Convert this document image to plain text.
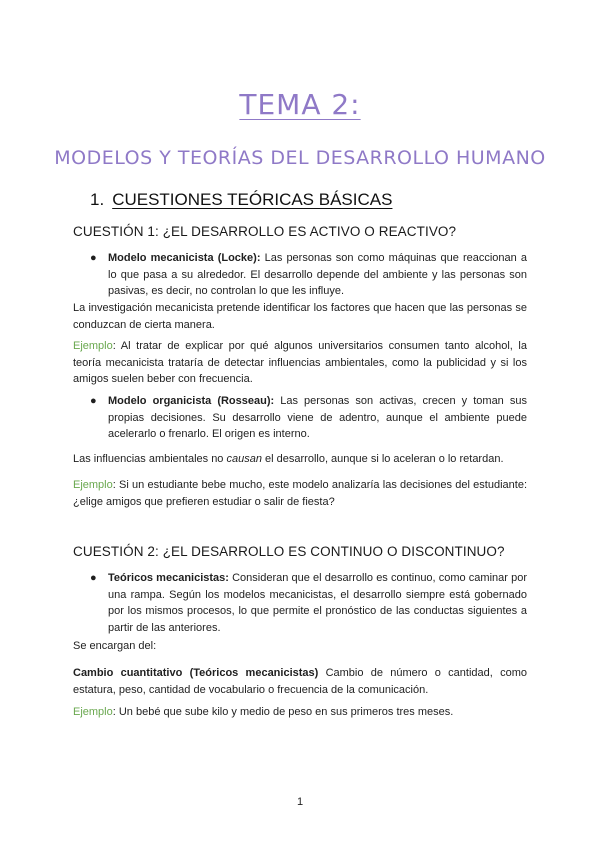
TEMA 2:
MODELOS Y TEORÍAS DEL DESARROLLO HUMANO
1. CUESTIONES TEÓRICAS BÁSICAS
CUESTIÓN 1: ¿EL DESARROLLO ES ACTIVO O REACTIVO?
● Modelo mecanicista (Locke): Las personas son como máquinas que reaccionan a lo que pasa a su alrededor. El desarrollo depende del ambiente y las personas son pasivas, es decir, no controlan lo que les influye.
La investigación mecanicista pretende identificar los factores que hacen que las personas se conduzcan de cierta manera.
Ejemplo: Al tratar de explicar por qué algunos universitarios consumen tanto alcohol, la teoría mecanicista trataría de detectar influencias ambientales, como la publicidad y si los amigos suelen beber con frecuencia.
● Modelo organicista (Rosseau): Las personas son activas, crecen y toman sus propias decisiones. Su desarrollo viene de adentro, aunque el ambiente puede acelerarlo o frenarlo. El origen es interno.
Las influencias ambientales no causan el desarrollo, aunque si lo aceleran o lo retardan.
Ejemplo: Si un estudiante bebe mucho, este modelo analizaría las decisiones del estudiante: ¿elige amigos que prefieren estudiar o salir de fiesta?
CUESTIÓN 2: ¿EL DESARROLLO ES CONTINUO O DISCONTINUO?
● Teóricos mecanicistas: Consideran que el desarrollo es continuo, como caminar por una rampa. Según los modelos mecanicistas, el desarrollo siempre está gobernado por los mismos procesos, lo que permite el pronóstico de las conductas siguientes a partir de las anteriores.
Se encargan del:
Cambio cuantitativo (Teóricos mecanicistas) Cambio de número o cantidad, como estatura, peso, cantidad de vocabulario o frecuencia de la comunicación.
Ejemplo: Un bebé que sube kilo y medio de peso en sus primeros tres meses.
1
